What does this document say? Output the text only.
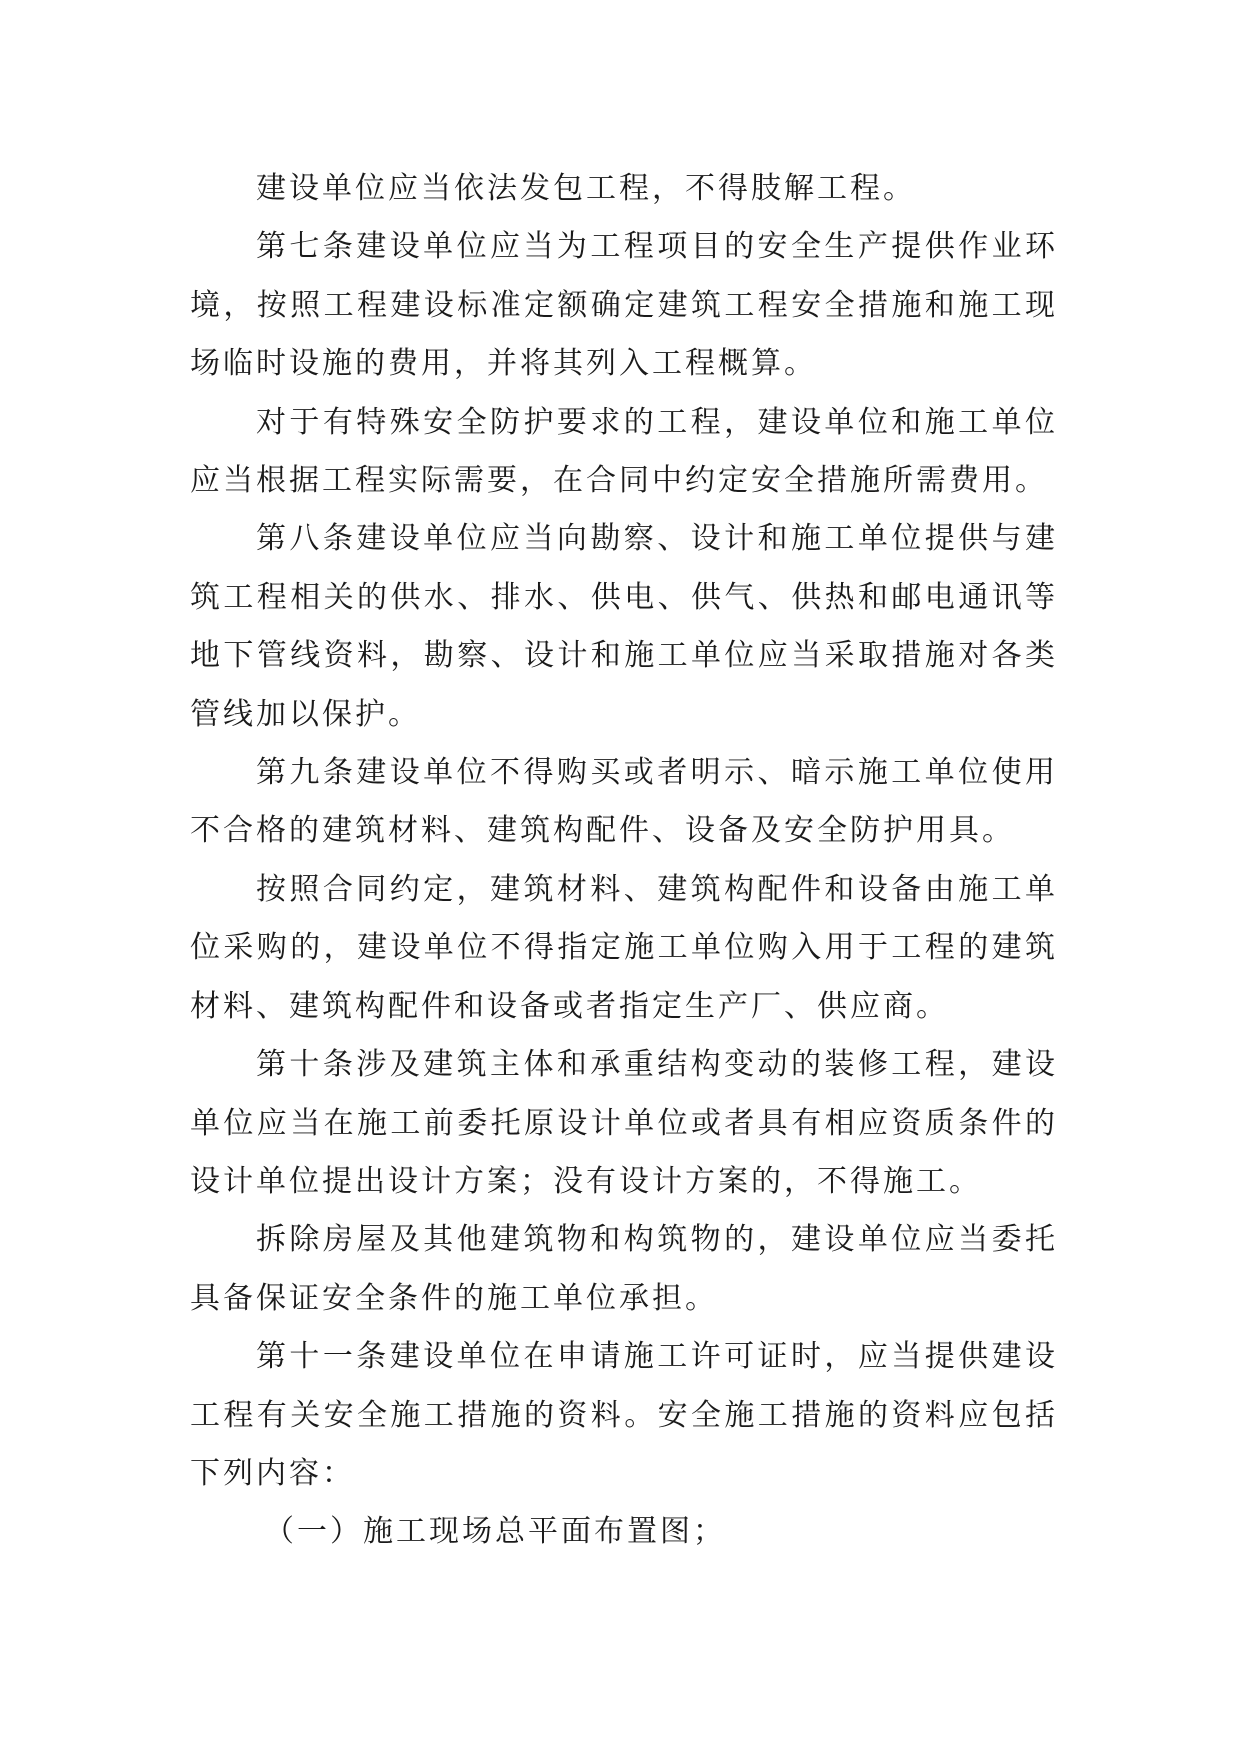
建设单位应当依法发包工程，不得肢解工程。

第七条建设单位应当为工程项目的安全生产提供作业环境，按照工程建设标准定额确定建筑工程安全措施和施工现场临时设施的费用，并将其列入工程概算。

对于有特殊安全防护要求的工程，建设单位和施工单位应当根据工程实际需要，在合同中约定安全措施所需费用。

第八条建设单位应当向勘察、设计和施工单位提供与建筑工程相关的供水、排水、供电、供气、供热和邮电通讯等地下管线资料，勘察、设计和施工单位应当采取措施对各类管线加以保护。

第九条建设单位不得购买或者明示、暗示施工单位使用不合格的建筑材料、建筑构配件、设备及安全防护用具。

按照合同约定，建筑材料、建筑构配件和设备由施工单位采购的，建设单位不得指定施工单位购入用于工程的建筑材料、建筑构配件和设备或者指定生产厂、供应商。

第十条涉及建筑主体和承重结构变动的装修工程，建设单位应当在施工前委托原设计单位或者具有相应资质条件的设计单位提出设计方案；没有设计方案的，不得施工。

拆除房屋及其他建筑物和构筑物的，建设单位应当委托具备保证安全条件的施工单位承担。

第十一条建设单位在申请施工许可证时，应当提供建设工程有关安全施工措施的资料。安全施工措施的资料应包括下列内容：

（一）施工现场总平面布置图；
